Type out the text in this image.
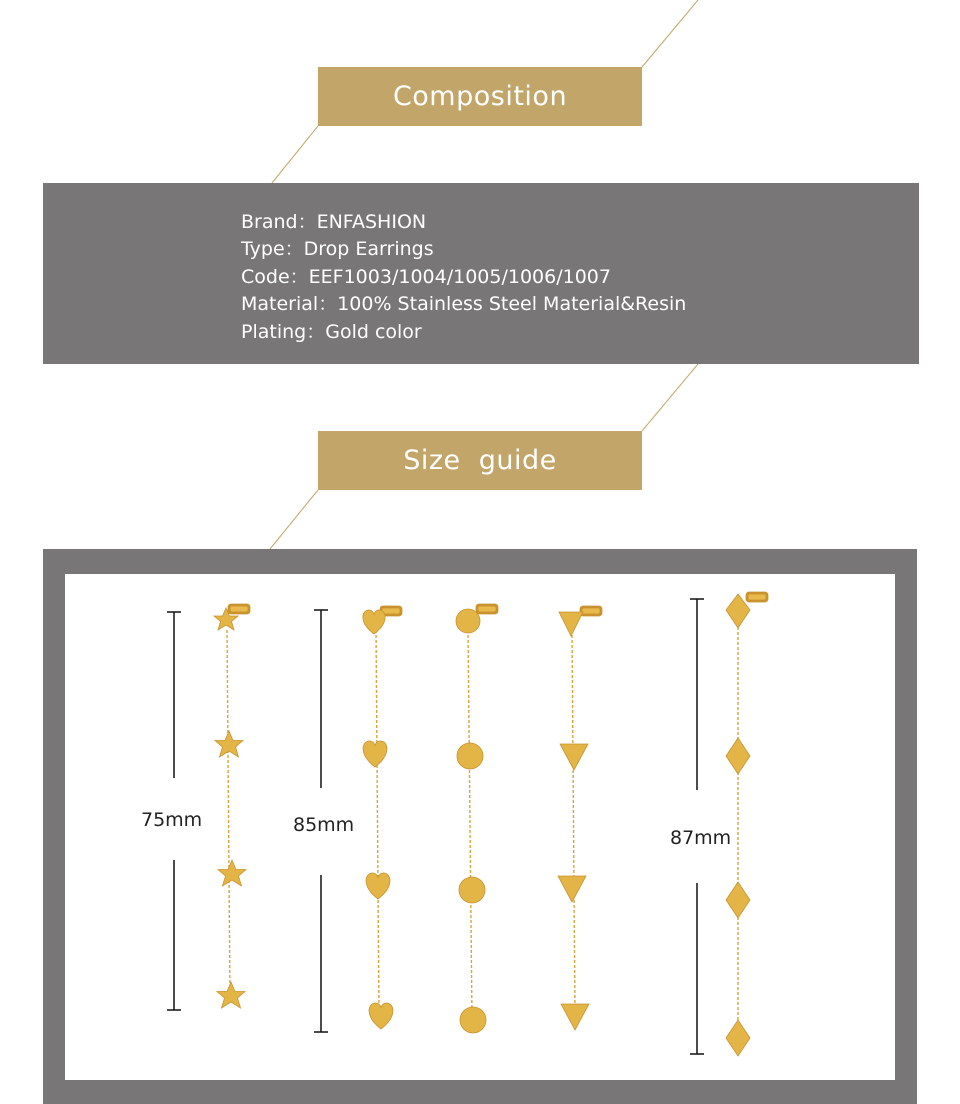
Composition
Brand：ENFASHION
Type：Drop Earrings
Code：EEF1003/1004/1005/1006/1007
Material：100% Stainless Steel Material&Resin
Plating：Gold color
Size  guide
75mm	85mm
87mm
